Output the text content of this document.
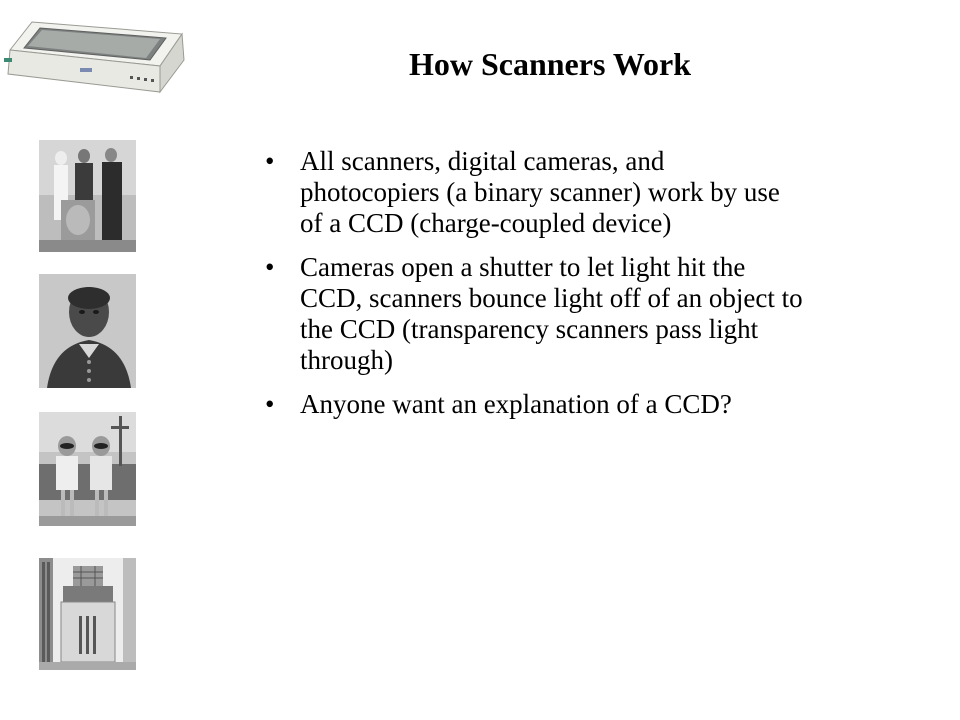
How Scanners Work
• All scanners, digital cameras, and photocopiers (a binary scanner) work by use of a CCD (charge-coupled device)
• Cameras open a shutter to let light hit the CCD, scanners bounce light off of an object to the CCD (transparency scanners pass light through)
• Anyone want an explanation of a CCD?
